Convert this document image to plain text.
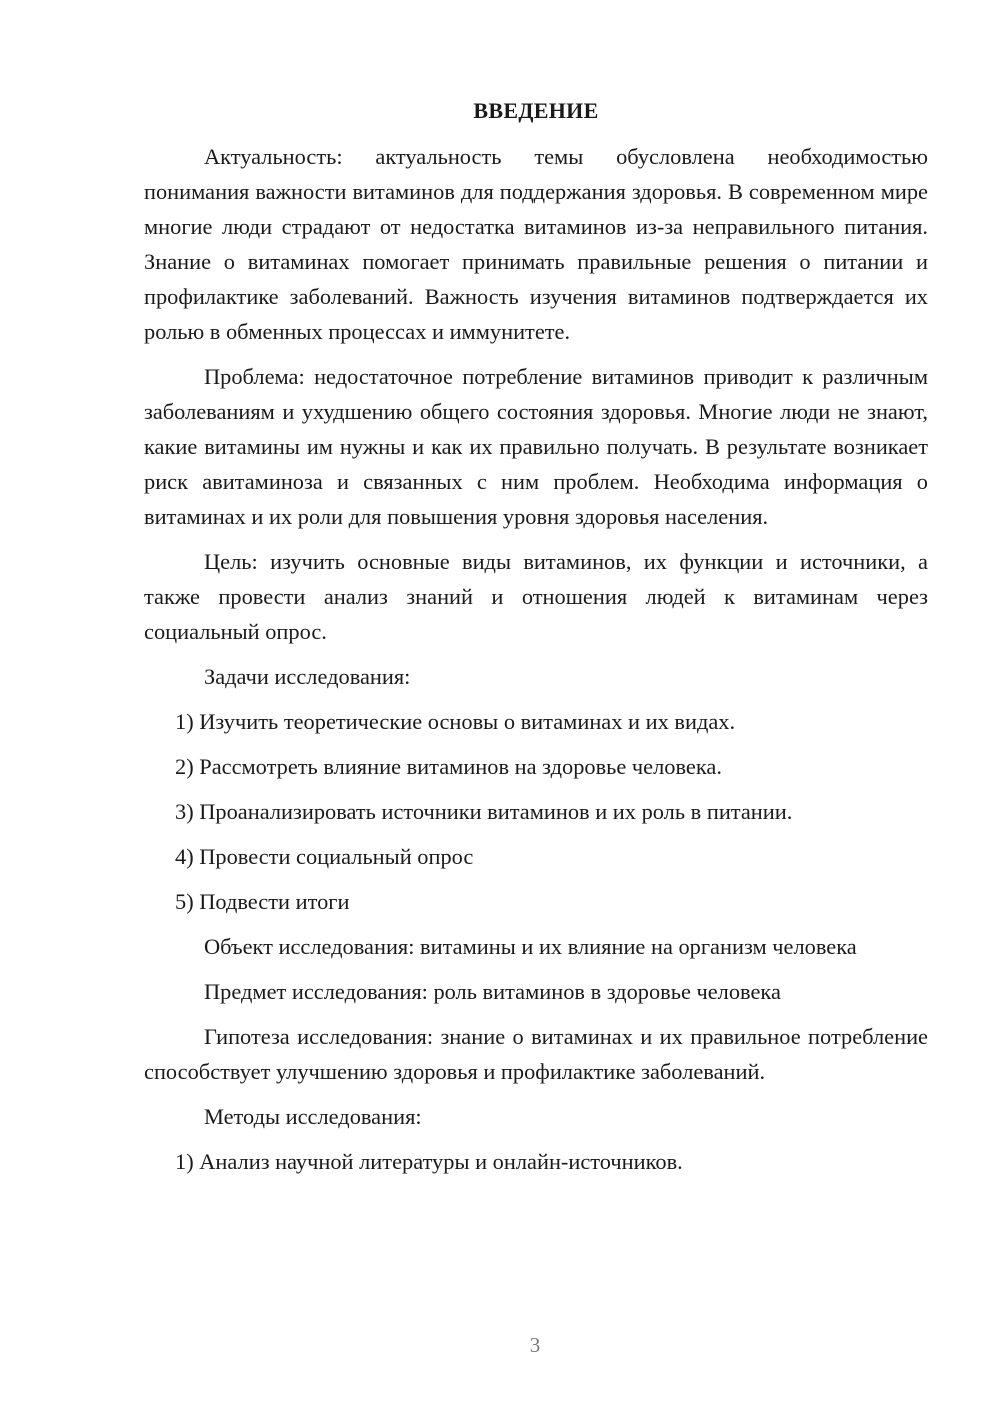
ВВЕДЕНИЕ
Актуальность: актуальность темы обусловлена необходимостью понимания важности витаминов для поддержания здоровья. В современном мире многие люди страдают от недостатка витаминов из-за неправильного питания. Знание о витаминах помогает принимать правильные решения о питании и профилактике заболеваний. Важность изучения витаминов подтверждается их ролью в обменных процессах и иммунитете.
Проблема: недостаточное потребление витаминов приводит к различным заболеваниям и ухудшению общего состояния здоровья. Многие люди не знают, какие витамины им нужны и как их правильно получать. В результате возникает риск авитаминоза и связанных с ним проблем. Необходима информация о витаминах и их роли для повышения уровня здоровья населения.
Цель: изучить основные виды витаминов, их функции и источники, а также провести анализ знаний и отношения людей к витаминам через социальный опрос.
Задачи исследования:
1) Изучить теоретические основы о витаминах и их видах.
2) Рассмотреть влияние витаминов на здоровье человека.
3) Проанализировать источники витаминов и их роль в питании.
4) Провести социальный опрос
5) Подвести итоги
Объект исследования: витамины и их влияние на организм человека
Предмет исследования: роль витаминов в здоровье человека
Гипотеза исследования: знание о витаминах и их правильное потребление способствует улучшению здоровья и профилактике заболеваний.
Методы исследования:
1) Анализ научной литературы и онлайн-источников.
3
